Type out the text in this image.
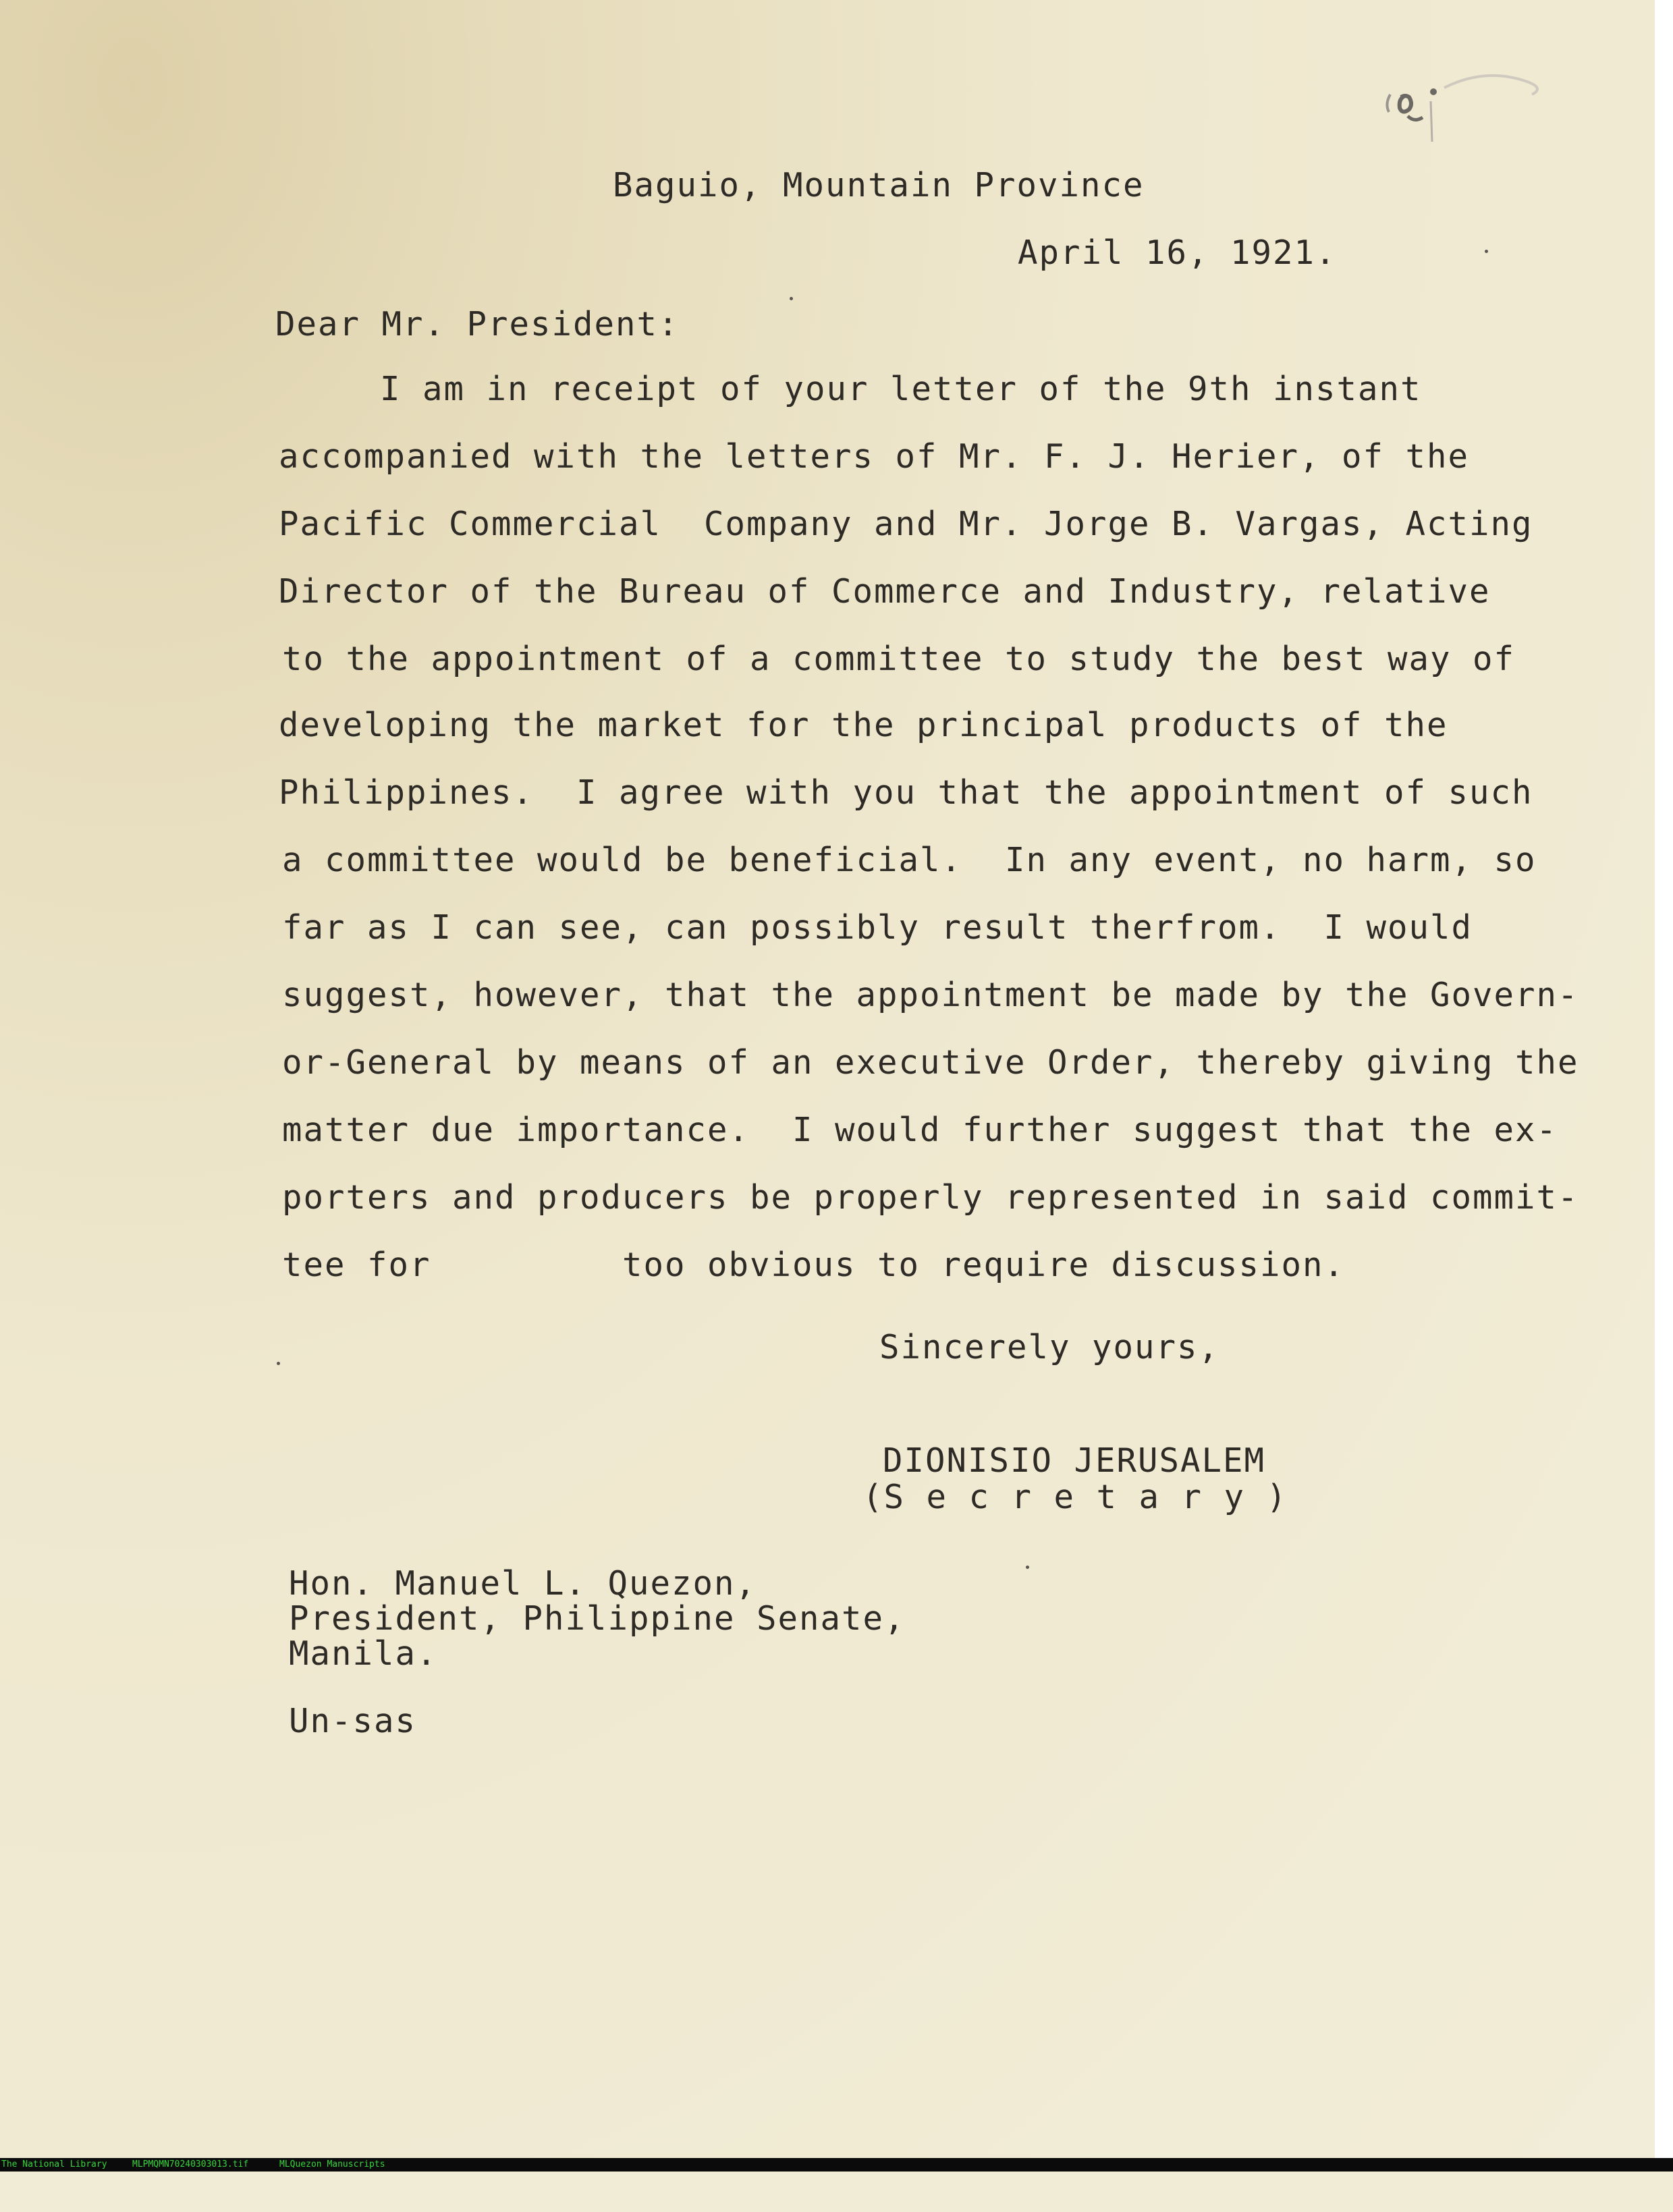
Baguio, Mountain Province
April 16, 1921.
Dear Mr. President:
I am in receipt of your letter of the 9th instant
accompanied with the letters of Mr. F. J. Herier, of the
Pacific Commercial  Company and Mr. Jorge B. Vargas, Acting
Director of the Bureau of Commerce and Industry, relative
to the appointment of a committee to study the best way of
developing the market for the principal products of the
Philippines.  I agree with you that the appointment of such
a committee would be beneficial.  In any event, no harm, so
far as I can see, can possibly result therfrom.  I would
suggest, however, that the appointment be made by the Govern-
or-General by means of an executive Order, thereby giving the
matter due importance.  I would further suggest that the ex-
porters and producers be properly represented in said commit-
tee for         too obvious to require discussion.
Sincerely yours,
DIONISIO JERUSALEM
(S e c r e t a r y )
Hon. Manuel L. Quezon,
President, Philippine Senate,
Manila.
Un-sas

The National Library

	MLPMQMN70240303013.tif

	MLQuezon Manuscripts
